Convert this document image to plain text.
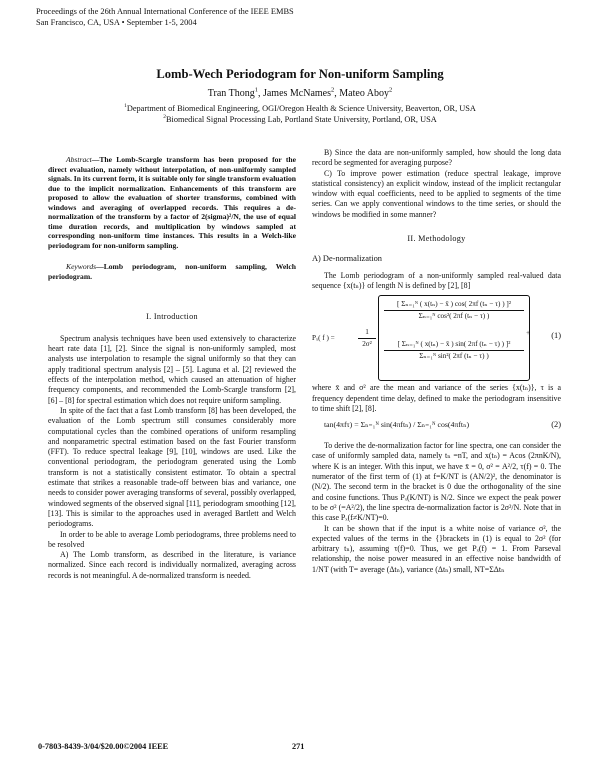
Proceedings of the 26th Annual International Conference of the IEEE EMBS
San Francisco, CA, USA • September 1-5, 2004
Lomb-Wech Periodogram for Non-uniform Sampling
Tran Thong$^1$, James McNames$^2$, Mateo Aboy$^2$
$^1$Department of Biomedical Engineering, OGI/Oregon Health & Science University, Beaverton, OR, USA
$^2$Biomedical Signal Processing Lab, Portland State University, Portland, OR, USA

Abstract—The Lomb-Scargle transform has been proposed for the direct evaluation, namely without interpolation, of non-uniformly sampled signals. In its current form, it is suitable only for single transform evaluation due to the implicit normalization. Enhancements of this transform are proposed to allow the evaluation of shorter transforms, combined with windows and averaging of overlapped records. This requires a de-normalization of the transform by a factor of 2(sigma)²/N, the use of equal time duration records, and multiplication by windows sampled at corresponding non-uniform time instances. This results in a Welch-like periodogram for non-uniform sampling.

Keywords—Lomb periodogram, non-uniform sampling, Welch periodogram.

I. Introduction

Spectrum analysis techniques have been used extensively to characterize heart rate data [1], [2]. Since the signal is non-uniformly sampled, most analysts use interpolation to resample the signal uniformly so that they can apply traditional spectrum analysis [2] – [5]. Laguna et al. [2] reviewed the effects of the interpolation method, which caused an attenuation of higher frequency components, and recommended the Lomb-Scargle transform [2], [6] – [8] for spectral estimation which does not require uniform sampling.

In spite of the fact that a fast Lomb transform [8] has been developed, the evaluation of the Lomb spectrum still consumes considerably more computational cycles than the combined operations of uniform resampling and nonparametric spectral estimation based on the fast Fourier transform (FFT). To reduce spectral leakage [9], [10], windows are used. Like the conventional periodogram, the periodogram generated using the Lomb transform is not a statistically consistent estimator. To obtain a spectral estimate that strikes a reasonable trade-off between bias and variance, one needs to consider power averaging transforms of several, possibly overlapped, windowed segments of the observed signal [11], periodogram smoothing [12], [13]. This is similar to the approaches used in averaged Bartlett and Welch periodograms.

In order to be able to average Lomb periodograms, three problems need to be resolved

A) The Lomb transform, as described in the literature, is variance normalized. Since each record is individually normalized, averaging across records is not meaningful. A de-normalized transform is needed.

B) Since the data are non-uniformly sampled, how should the long data record be segmented for averaging purpose?

C) To improve power estimation (reduce spectral leakage, improve statistical consistency) an explicit window, instead of the implicit rectangular window with equal coefficients, need to be applied to segments of the time series. Can we apply conventional windows to the time series, or should the windows be modified in some manner?

II. Methodology
A) De-normalization

The Lomb periodogram of a non-uniformly sampled real-valued data sequence {x(tₙ)} of length N is defined by [2], [8]

Pₓ( f ) =	$\frac{1}{\text{2σ²}}$
$\frac{\text{[ Σₙ₌₁ᴺ ( x(tₙ) − x̄ ) cos( 2πf (tₙ − τ) ) ]²}}{\text{Σₙ₌₁ᴺ cos²( 2πf (tₙ − τ) )}}$
+
$\frac{\text{[ Σₙ₌₁ᴺ ( x(tₙ) − x̄ ) sin( 2πf (tₙ − τ) ) ]²}}{\text{Σₙ₌₁ᴺ sin²( 2πf (tₙ − τ) )}}$
(1)

where x̄ and σ² are the mean and variance of the series {x(tₙ)}, τ is a frequency dependent time delay, defined to make the periodogram insensitive to time shift [2], [8].

tan(4πfτ) = Σₙ₌₁ᴺ sin(4πftₙ) / Σₙ₌₁ᴺ cos(4πftₙ)	(2)

To derive the de-normalization factor for line spectra, one can consider the case of uniformly sampled data, namely tₙ =nT, and x(tₙ) = Acos (2πnK/N), where K is an integer. With this input, we have x̄ = 0, σ² = A²/2, τ(f) = 0. The numerator of the first term of (1) at f=K/NT is (AN/2)², the denominator is (N/2). The second term in the bracket is 0 due the orthogonality of the sine and cosine functions. Thus Pₓ(K/NT) is N/2. Since we expect the peak power to be σ² (=A²/2), the line spectra de-normalization factor is 2σ²/N. Note that in this case Pₓ(f≠K/NT)=0.

It can be shown that if the input is a white noise of variance σ², the expected values of the terms in the {}brackets in (1) is equal to 2σ² (for arbitrary tₙ), assuming τ(f)=0. Thus, we get Pₓ(f) = 1. From Parseval relationship, the noise power measured in an effective noise bandwidth of 1/NT (with T= average (Δtₙ), variance (Δtₙ) small, NT=ΣΔtₙ

0-7803-8439-3/04/$20.00©2004 IEEE	271
